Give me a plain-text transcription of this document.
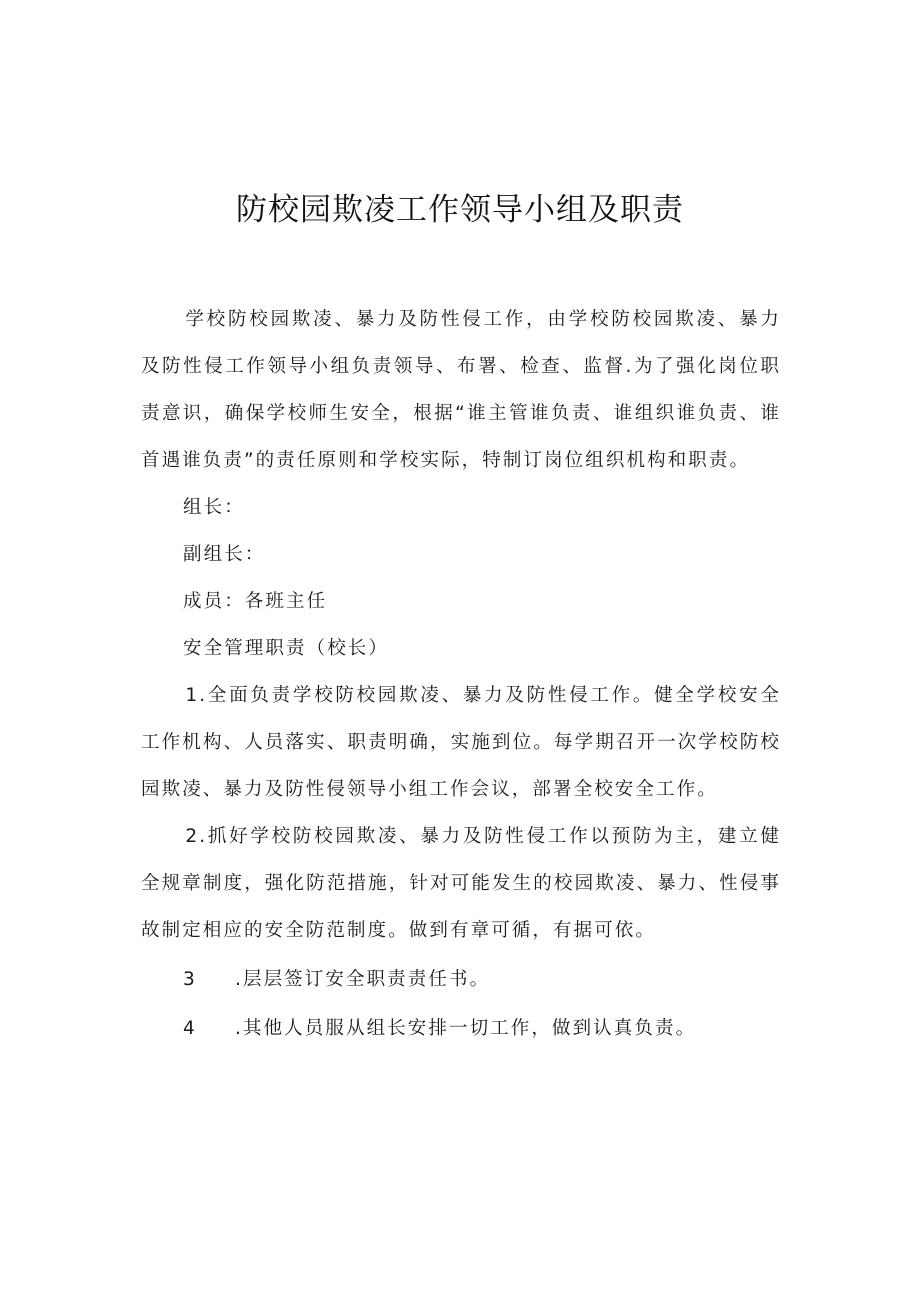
防校园欺凌工作领导小组及职责

学校防校园欺凌、暴力及防性侵工作，由学校防校园欺凌、暴力及防性侵工作领导小组负责领导、布署、检查、监督.为了强化岗位职责意识，确保学校师生安全，根据“谁主管谁负责、谁组织谁负责、谁首遇谁负责”的责任原则和学校实际，特制订岗位组织机构和职责。

组长：

副组长：

成员：各班主任

安全管理职责（校长）

1.全面负责学校防校园欺凌、暴力及防性侵工作。健全学校安全工作机构、人员落实、职责明确，实施到位。每学期召开一次学校防校园欺凌、暴力及防性侵领导小组工作会议，部署全校安全工作。

2.抓好学校防校园欺凌、暴力及防性侵工作以预防为主，建立健全规章制度，强化防范措施，针对可能发生的校园欺凌、暴力、性侵事故制定相应的安全防范制度。做到有章可循，有据可依。

3 .层层签订安全职责责任书。

4 .其他人员服从组长安排一切工作，做到认真负责。
